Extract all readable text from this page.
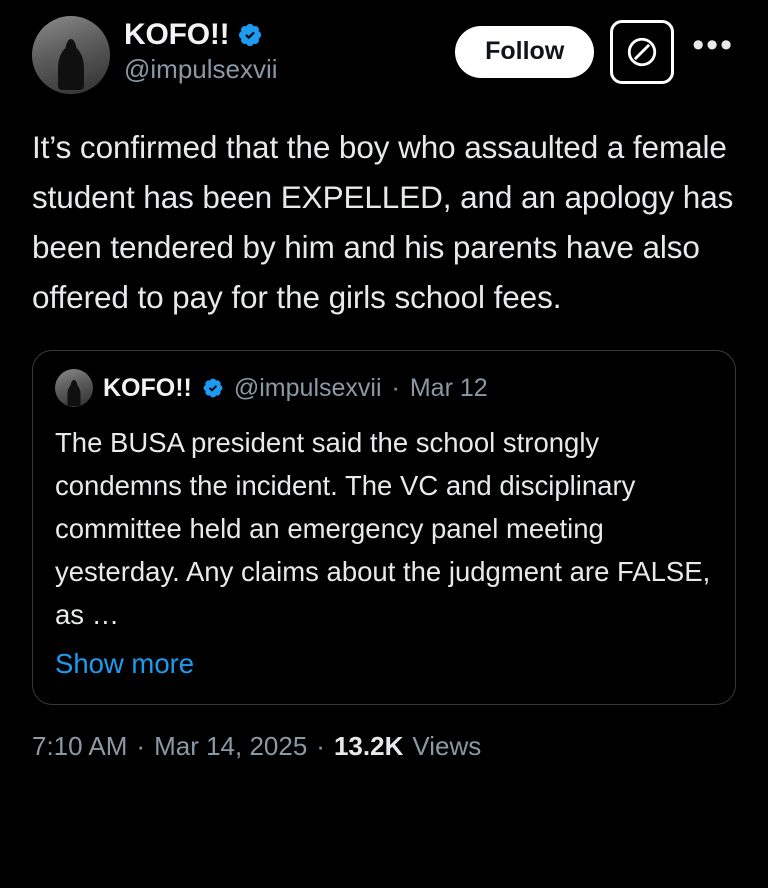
KOFO!!
@impulsexvii
Follow	•••
It’s confirmed that the boy who assaulted a female student has been EXPELLED, and an apology has been tendered by him and his parents have also offered to pay for the girls school fees.
KOFO!! @impulsexvii · Mar 12
The BUSA president said the school strongly condemns the incident. The VC and disciplinary committee held an emergency panel meeting yesterday. Any claims about the judgment are FALSE, as …
Show more
7:10 AM · Mar 14, 2025 · 13.2K Views
